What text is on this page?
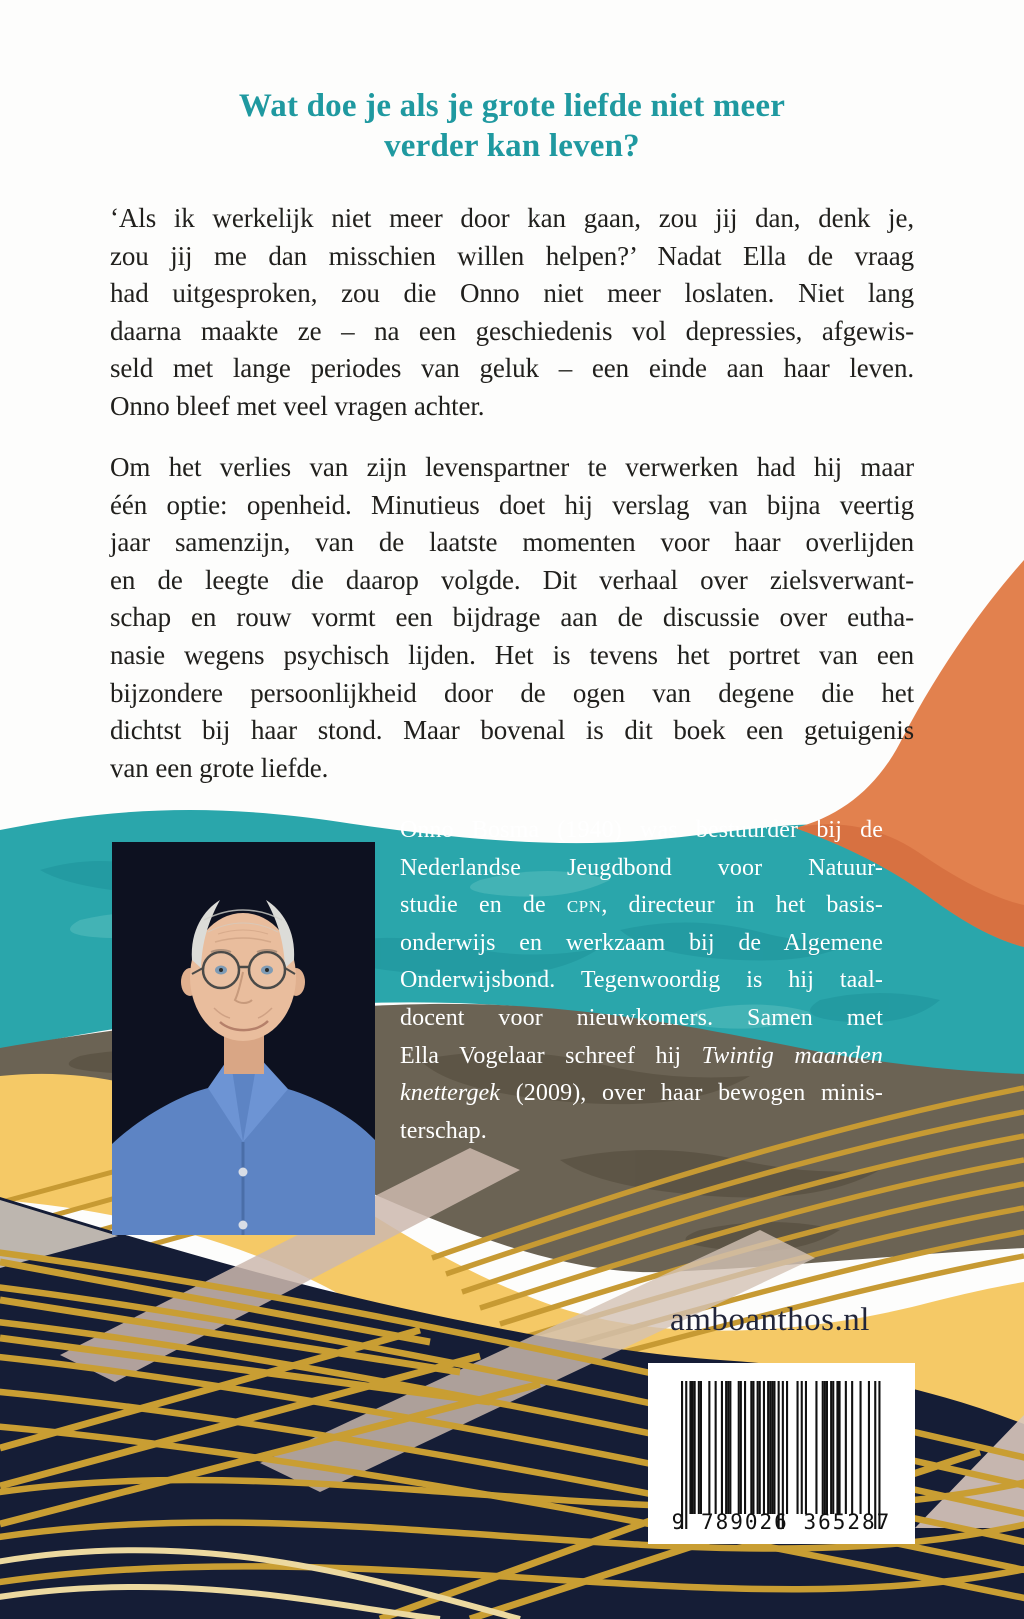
Wat doe je als je grote liefde niet meer
verder kan leven?
‘Als ik werkelijk niet meer door kan gaan, zou jij dan, denk je,
zou jij me dan misschien willen helpen?’ Nadat Ella de vraag
had uitgesproken, zou die Onno niet meer loslaten. Niet lang
daarna maakte ze – na een geschiedenis vol depressies, afgewis-
seld met lange periodes van geluk – een einde aan haar leven.
Onno bleef met veel vragen achter.
Om het verlies van zijn levenspartner te verwerken had hij maar
één optie: openheid. Minutieus doet hij verslag van bijna veertig
jaar samenzijn, van de laatste momenten voor haar overlijden
en de leegte die daarop volgde. Dit verhaal over zielsverwant-
schap en rouw vormt een bijdrage aan de discussie over eutha-
nasie wegens psychisch lijden. Het is tevens het portret van een
bijzondere persoonlijkheid door de ogen van degene die het
dichtst bij haar stond. Maar bovenal is dit boek een getuigenis
van een grote liefde.
Onno Bosma (1940) was bestuurder bij de
Nederlandse Jeugdbond voor Natuur-
studie en de cpn, directeur in het basis-
onderwijs en werkzaam bij de Algemene
Onderwijsbond. Tegenwoordig is hij taal-
docent voor nieuwkomers. Samen met
Ella Vogelaar schreef hij Twintig maanden
knettergek (2009), over haar bewogen minis-
terschap.
amboanthos.nl
9 789026 365287
